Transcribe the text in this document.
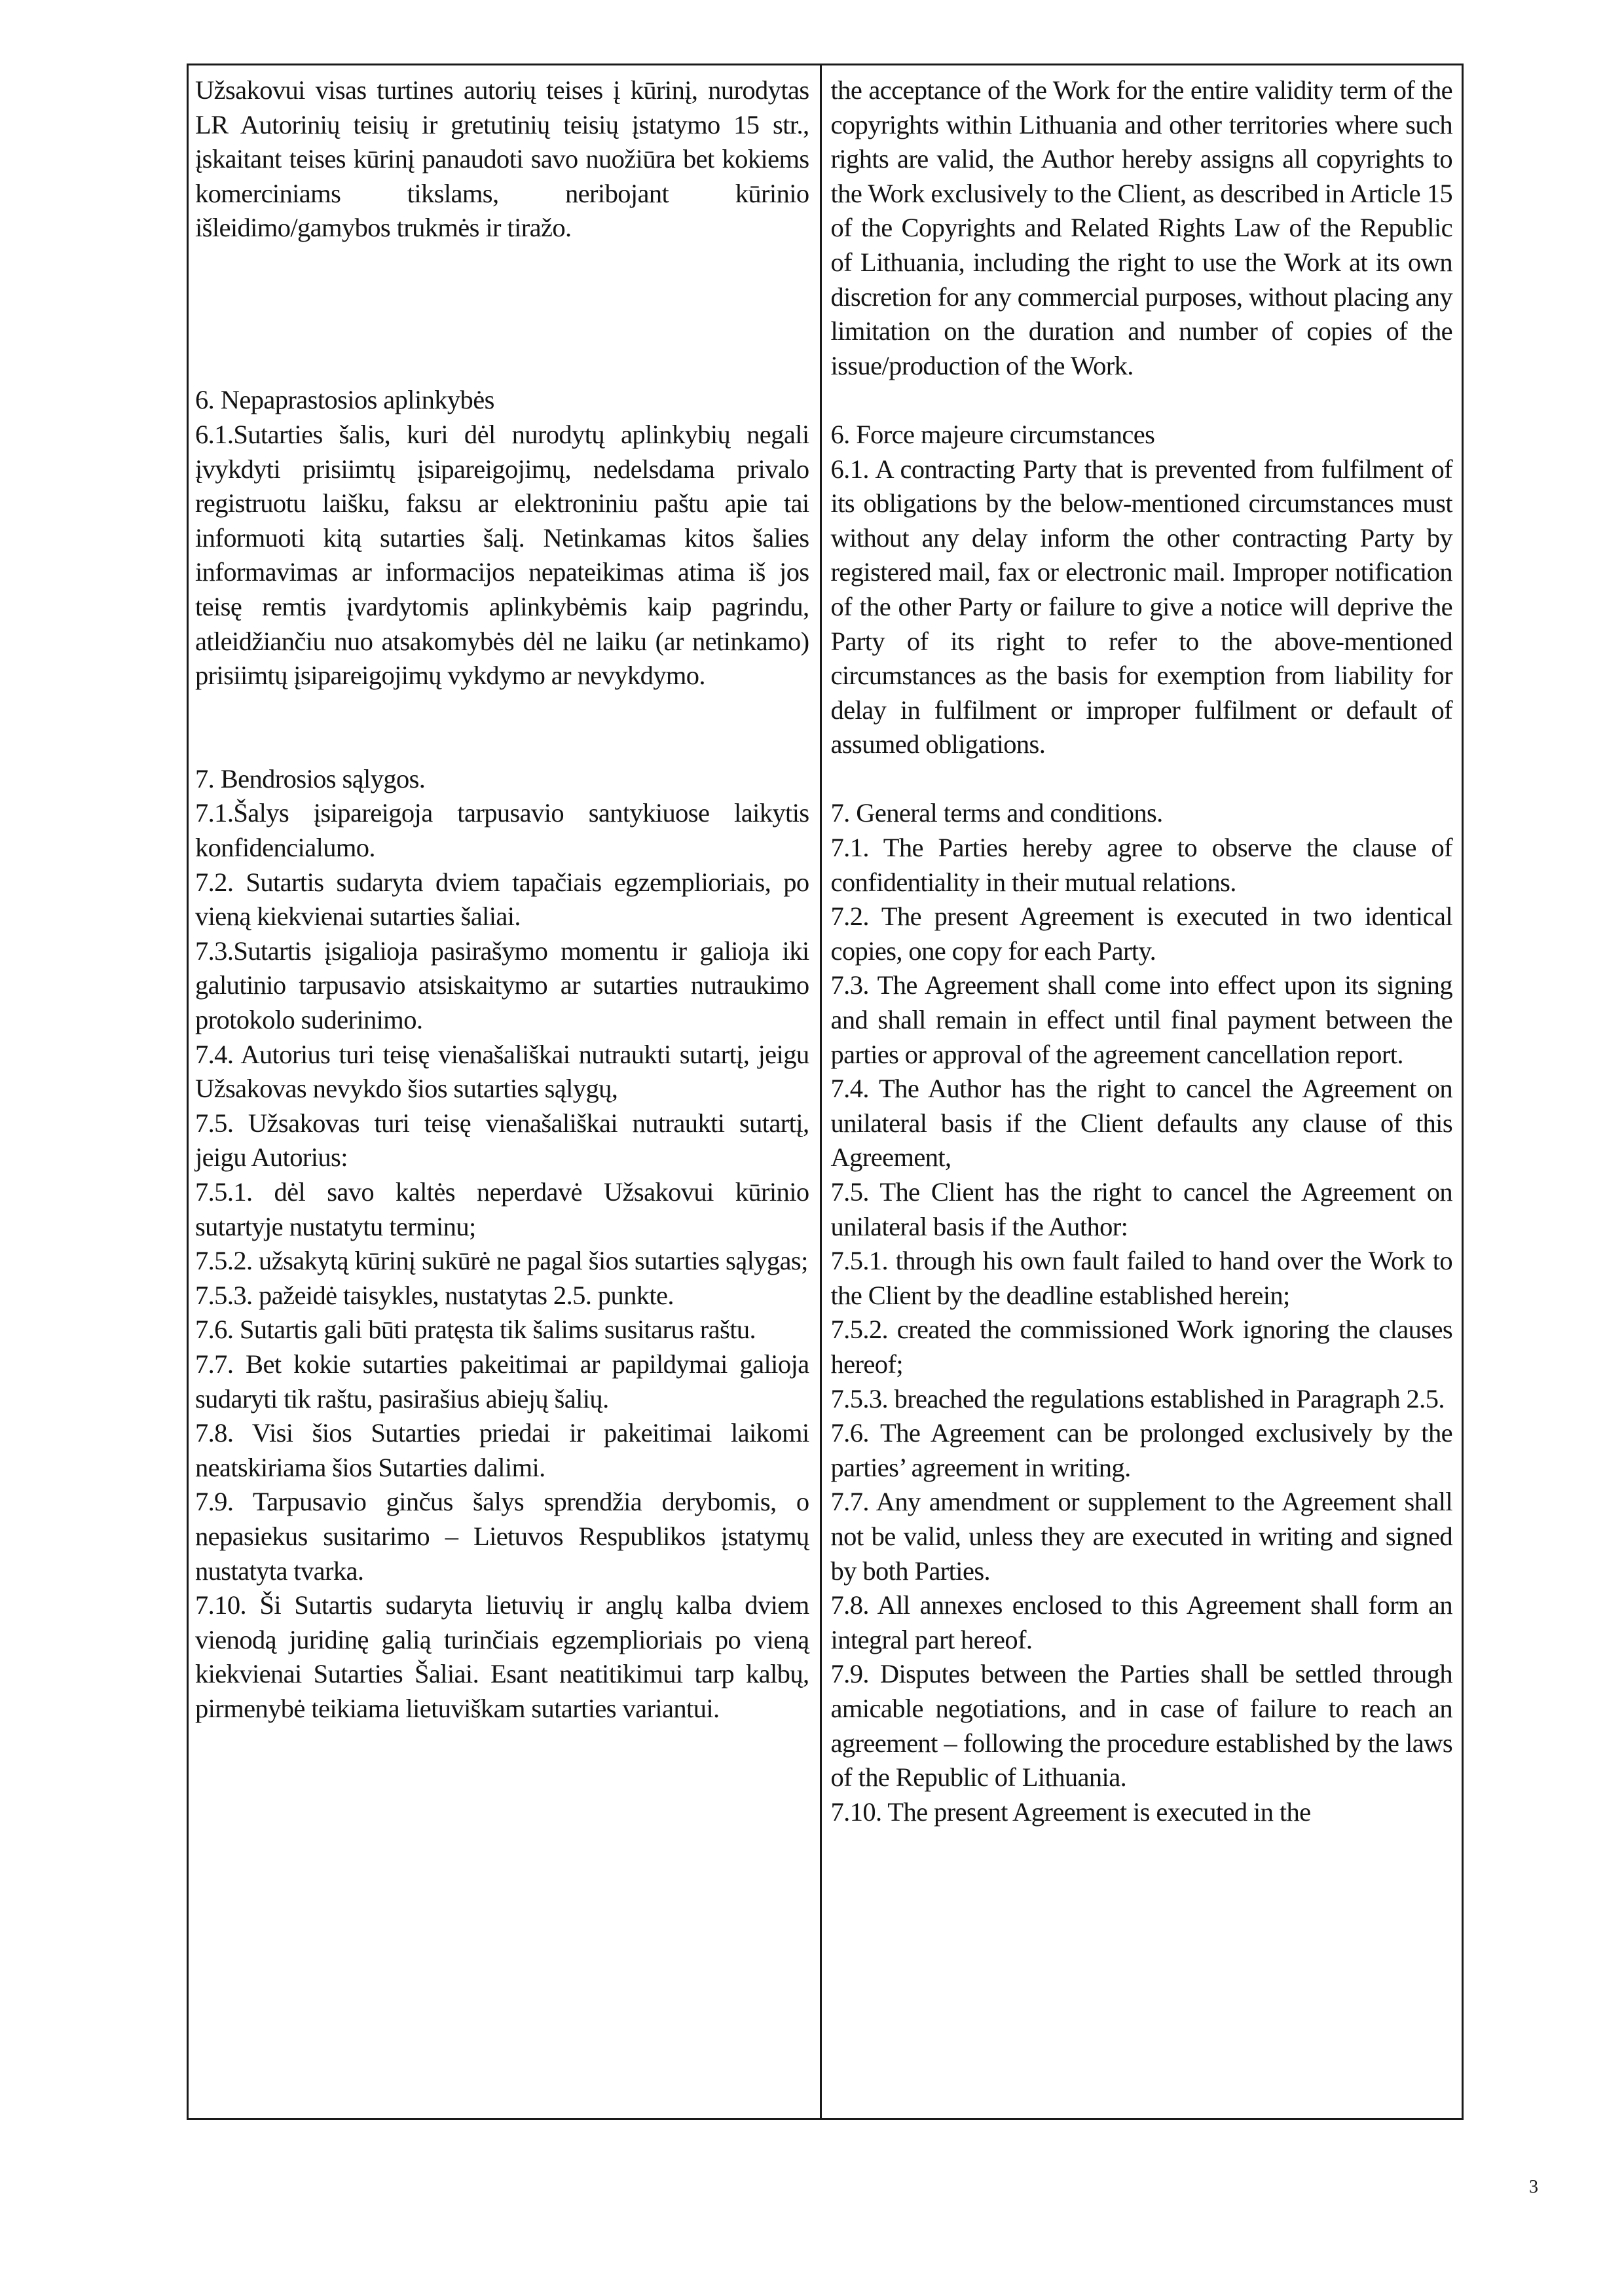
Užsakovui visas turtines autorių teises į kūrinį, nurodytas LR Autorinių teisių ir gretutinių teisių įstatymo 15 str., įskaitant teises kūrinį panaudoti savo nuožiūra bet kokiems komerciniams tikslams, neribojant kūrinio išleidimo/gamybos trukmės ir tiražo.

6. Nepaprastosios aplinkybės

6.1.Sutarties šalis, kuri dėl nurodytų aplinkybių negali įvykdyti prisiimtų įsipareigojimų, nedelsdama privalo registruotu laišku, faksu ar elektroniniu paštu apie tai informuoti kitą sutarties šalį. Netinkamas kitos šalies informavimas ar informacijos nepateikimas atima iš jos teisę remtis įvardytomis aplinkybėmis kaip pagrindu, atleidžiančiu nuo atsakomybės dėl ne laiku (ar netinkamo) prisiimtų įsipareigojimų vykdymo ar nevykdymo.

7. Bendrosios sąlygos.

7.1.Šalys įsipareigoja tarpusavio santykiuose laikytis konfidencialumo.

7.2. Sutartis sudaryta dviem tapačiais egzemplioriais, po vieną kiekvienai sutarties šaliai.

7.3.Sutartis įsigalioja pasirašymo momentu ir galioja iki galutinio tarpusavio atsiskaitymo ar sutarties nutraukimo protokolo suderinimo.

7.4. Autorius turi teisę vienašališkai nutraukti sutartį, jeigu Užsakovas nevykdo šios sutarties sąlygų,

7.5. Užsakovas turi teisę vienašališkai nutraukti sutartį, jeigu Autorius:

7.5.1. dėl savo kaltės neperdavė Užsakovui kūrinio sutartyje nustatytu terminu;

7.5.2. užsakytą kūrinį sukūrė ne pagal šios sutarties sąlygas;

7.5.3. pažeidė taisykles, nustatytas 2.5. punkte.

7.6. Sutartis gali būti pratęsta tik šalims susitarus raštu.

7.7. Bet kokie sutarties pakeitimai ar papildymai galioja sudaryti tik raštu, pasirašius abiejų šalių.

7.8. Visi šios Sutarties priedai ir pakeitimai laikomi neatskiriama šios Sutarties dalimi.

7.9. Tarpusavio ginčus šalys sprendžia derybomis, o nepasiekus susitarimo – Lietuvos Respublikos įstatymų nustatyta tvarka.

7.10. Ši Sutartis sudaryta lietuvių ir anglų kalba dviem vienodą juridinę galią turinčiais egzemplioriais po vieną kiekvienai Sutarties Šaliai. Esant neatitikimui tarp kalbų, pirmenybė teikiama lietuviškam sutarties variantui.

the acceptance of the Work for the entire validity term of the copyrights within Lithuania and other territories where such rights are valid, the Author hereby assigns all copyrights to the Work exclusively to the Client, as described in Article 15 of the Copyrights and Related Rights Law of the Republic of Lithuania, including the right to use the Work at its own discretion for any commercial purposes, without placing any limitation on the duration and number of copies of the issue/production of the Work.

6. Force majeure circumstances

6.1. A contracting Party that is prevented from fulfilment of its obligations by the below-mentioned circumstances must without any delay inform the other contracting Party by registered mail, fax or electronic mail. Improper notification of the other Party or failure to give a notice will deprive the Party of its right to refer to the above-mentioned circumstances as the basis for exemption from liability for delay in fulfilment or improper fulfilment or default of assumed obligations.

7. General terms and conditions.

7.1. The Parties hereby agree to observe the clause of confidentiality in their mutual relations.

7.2. The present Agreement is executed in two identical copies, one copy for each Party.

7.3. The Agreement shall come into effect upon its signing and shall remain in effect until final payment between the parties or approval of the agreement cancellation report.

7.4. The Author has the right to cancel the Agreement on unilateral basis if the Client defaults any clause of this Agreement,

7.5. The Client has the right to cancel the Agreement on unilateral basis if the Author:

7.5.1. through his own fault failed to hand over the Work to the Client by the deadline established herein;

7.5.2. created the commissioned Work ignoring the clauses hereof;

7.5.3. breached the regulations established in Paragraph 2.5.

7.6. The Agreement can be prolonged exclusively by the parties’ agreement in writing.

7.7. Any amendment or supplement to the Agreement shall not be valid, unless they are executed in writing and signed by both Parties.

7.8. All annexes enclosed to this Agreement shall form an integral part hereof.

7.9. Disputes between the Parties shall be settled through amicable negotiations, and in case of failure to reach an agreement – following the procedure established by the laws of the Republic of Lithuania.

7.10. The present Agreement is executed in the

3
